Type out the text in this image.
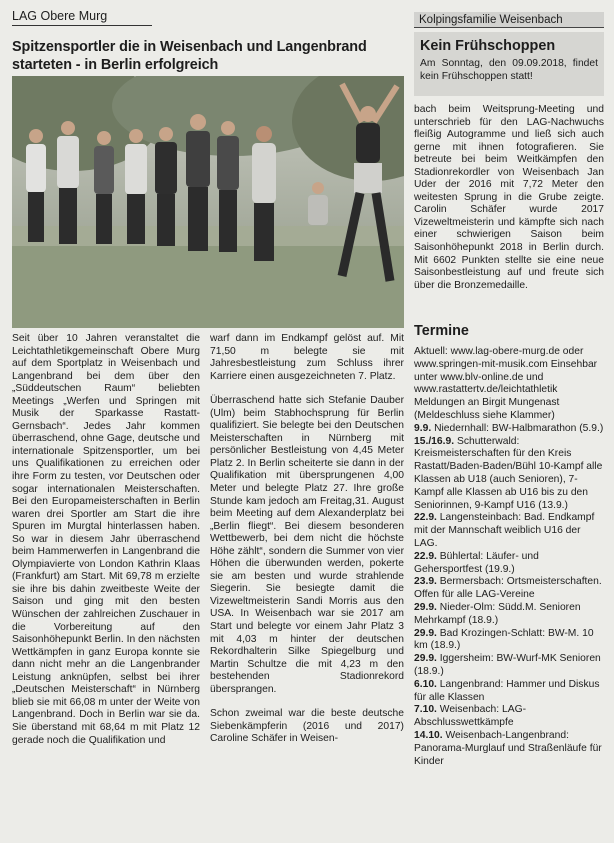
LAG Obere Murg
Spitzensportler die in Weisenbach und Langenbrand starteten - in Berlin erfolgreich

Seit über 10 Jahren veranstaltet die Leichtathletikgemeinschaft Obere Murg auf dem Sportplatz in Weisenbach und Langenbrand bei dem über den „Süddeutschen Raum“ beliebten Meetings „Werfen und Springen mit Musik der Sparkasse Rastatt-Gernsbach“. Jedes Jahr kommen überraschend, ohne Gage, deutsche und internationale Spitzensportler, um bei uns Qualifikationen zu erreichen oder ihre Form zu testen, vor Deutschen oder sogar internationalen Meisterschaften. Bei den Europameisterschaften in Berlin waren drei Sportler am Start die ihre Spuren im Murgtal hinterlassen haben. So war in diesem Jahr überraschend beim Hammerwerfen in Langenbrand die Olympiavierte von London Kathrin Klaas (Frankfurt) am Start. Mit 69,78 m erzielte sie ihre bis dahin zweitbeste Weite der Saison und ging mit den besten Wünschen der zahlreichen Zuschauer in die Vorbereitung auf den Saisonhöhepunkt Berlin. In den nächsten Wettkämpfen in ganz Europa konnte sie dann nicht mehr an die Langenbrander Leistung anknüpfen, selbst bei ihrer „Deutschen Meisterschaft“ in Nürnberg blieb sie mit 66,08 m unter der Weite von Langenbrand. Doch in Berlin war sie da. Sie überstand mit 68,64 m mit Platz 12 gerade noch die Qualifikation und

warf dann im Endkampf gelöst auf. Mit 71,50 m belegte sie mit Jahresbestleistung zum Schluss ihrer Karriere einen ausgezeichneten 7. Platz.

Überraschend hatte sich Stefanie Dauber (Ulm) beim Stabhochsprung für Berlin qualifiziert. Sie belegte bei den Deutschen Meisterschaften in Nürnberg mit persönlicher Bestleistung von 4,45 Meter Platz 2. In Berlin scheiterte sie dann in der Qualifikation mit übersprungenen 4,00 Meter und belegte Platz 27. Ihre große Stunde kam jedoch am Freitag,31. August beim Meeting auf dem Alexanderplatz bei „Berlin fliegt“. Bei diesem besonderen Wettbewerb, bei dem nicht die höchste Höhe zählt“, sondern die Summer von vier Höhen die überwunden werden, pokerte sie am besten und wurde strahlende Siegerin. Sie besiegte damit die Vizeweltmeisterin Sandi Morris aus den USA. In Weisenbach war sie 2017 am Start und belegte vor einem Jahr Platz 3 mit 4,03 m hinter der deutschen Rekordhalterin Silke Spiegelburg und Martin Schultze die mit 4,23 m den bestehenden Stadionrekord übersprangen.

Schon zweimal war die beste deutsche Siebenkämpferin (2016 und 2017) Caroline Schäfer in Weisen-

Kolpingsfamilie Weisenbach
Kein Frühschoppen
Am Sonntag, den 09.09.2018, findet kein Frühschoppen statt!

bach beim Weitsprung-Meeting und unterschrieb für den LAG-Nachwuchs fleißig Autogramme und ließ sich auch gerne mit ihnen fotografieren. Sie betreute bei beim Weitkämpfen den Stadionrekordler von Weisenbach Jan Uder der 2016 mit 7,72 Meter den weitesten Sprung in die Grube zeigte. Carolin Schäfer wurde 2017 Vizeweltmeisterin und kämpfte sich nach einer schwierigen Saison beim Saisonhöhepunkt 2018 in Berlin durch. Mit 6602 Punkten stellte sie eine neue Saisonbestleistung auf und freute sich über die Bronzemedaille.

Termine

Aktuell: www.lag-obere-murg.de oder www.springen-mit-musik.com Einsehbar unter www.blv-online.de und www.rastattertv.de/leichtathletik Meldungen an Birgit Mungenast (Meldeschluss siehe Klammer)

9.9. Niedernhall: BW-Halbmarathon (5.9.)

15./16.9. Schutterwald: Kreismeisterschaften für den Kreis Rastatt/Baden-Baden/Bühl 10-Kampf alle Klassen ab U18 (auch Senioren), 7-Kampf alle Klassen ab U16 bis zu den Seniorinnen, 9-Kampf U16 (13.9.)

22.9. Langensteinbach: Bad. Endkampf mit der Mannschaft weiblich U16 der LAG.

22.9. Bühlertal: Läufer- und Gehersportfest (19.9.)

23.9. Bermersbach: Ortsmeisterschaften. Offen für alle LAG-Vereine

29.9. Nieder-Olm: Südd.M. Senioren Mehrkampf (18.9.)

29.9. Bad Krozingen-Schlatt: BW-M. 10 km (18.9.)

29.9. Iggersheim: BW-Wurf-MK Senioren (18.9.)

6.10. Langenbrand: Hammer und Diskus für alle Klassen

7.10. Weisenbach: LAG- Abschlusswettkämpfe

14.10. Weisenbach-Langenbrand: Panorama-Murglauf und Straßenläufe für Kinder
